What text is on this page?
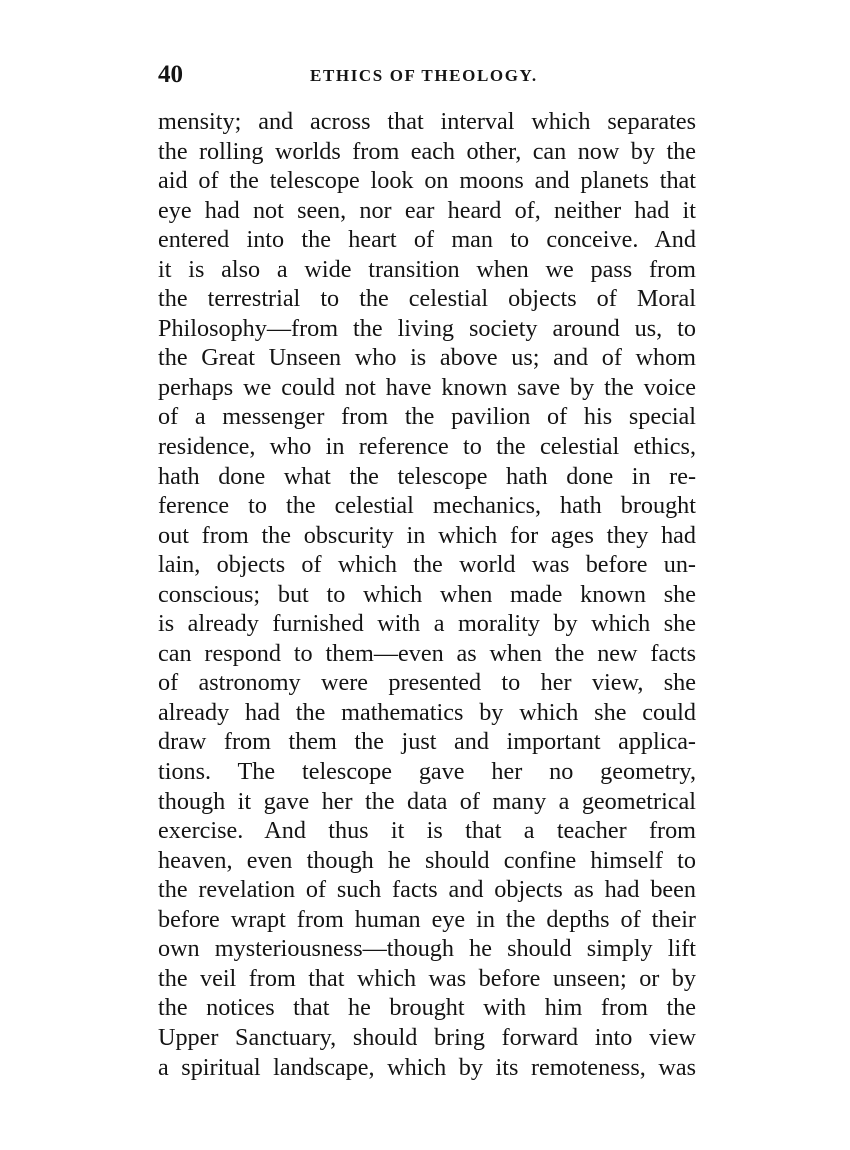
40	ETHICS OF THEOLOGY.
mensity; and across that interval which separates
the rolling worlds from each other, can now by the
aid of the telescope look on moons and planets that
eye had not seen, nor ear heard of, neither had it
entered into the heart of man to conceive. And
it is also a wide transition when we pass from
the terrestrial to the celestial objects of Moral
Philosophy—from the living society around us, to
the Great Unseen who is above us; and of whom
perhaps we could not have known save by the voice
of a messenger from the pavilion of his special
residence, who in reference to the celestial ethics,
hath done what the telescope hath done in re-
ference to the celestial mechanics, hath brought
out from the obscurity in which for ages they had
lain, objects of which the world was before un-
conscious; but to which when made known she
is already furnished with a morality by which she
can respond to them—even as when the new facts
of astronomy were presented to her view, she
already had the mathematics by which she could
draw from them the just and important applica-
tions. The telescope gave her no geometry,
though it gave her the data of many a geometrical
exercise. And thus it is that a teacher from
heaven, even though he should confine himself to
the revelation of such facts and objects as had been
before wrapt from human eye in the depths of their
own mysteriousness—though he should simply lift
the veil from that which was before unseen; or by
the notices that he brought with him from the
Upper Sanctuary, should bring forward into view
a spiritual landscape, which by its remoteness, was
